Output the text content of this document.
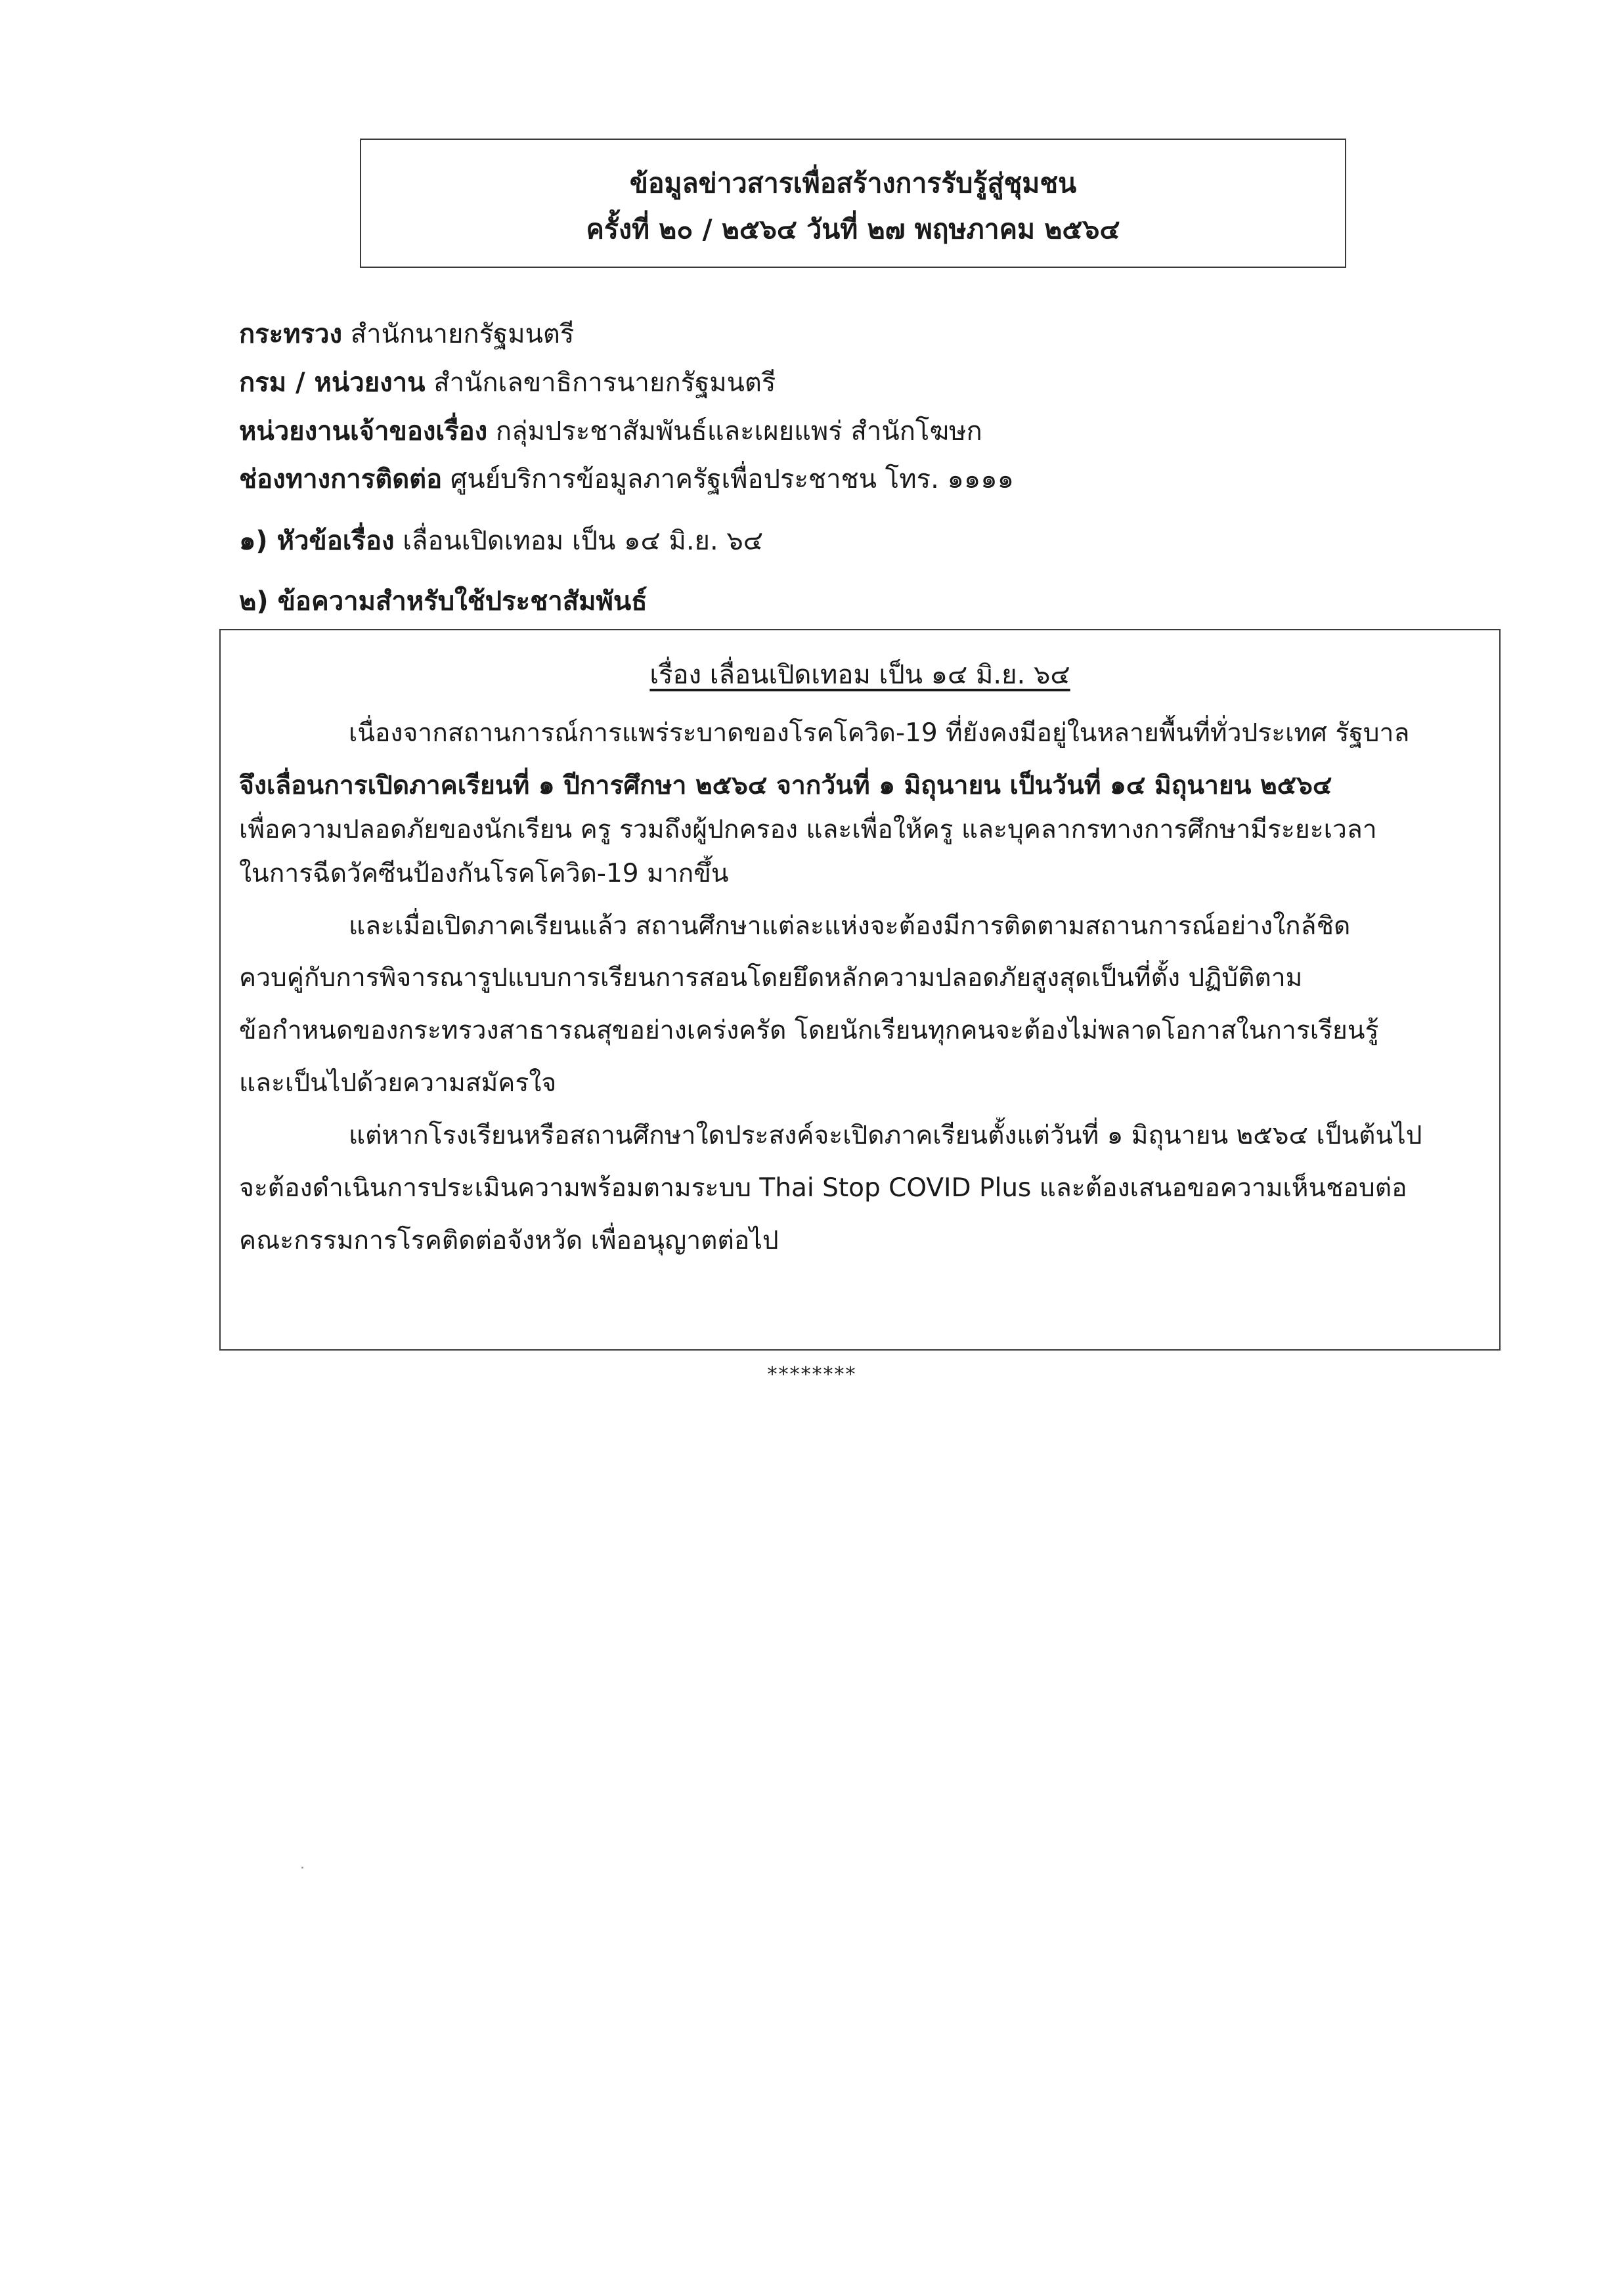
ข้อมูลข่าวสารเพื่อสร้างการรับรู้สู่ชุมชน
ครั้งที่ ๒๐ / ๒๕๖๔ วันที่ ๒๗ พฤษภาคม ๒๕๖๔
กระทรวง สำนักนายกรัฐมนตรี
กรม / หน่วยงาน สำนักเลขาธิการนายกรัฐมนตรี
หน่วยงานเจ้าของเรื่อง กลุ่มประชาสัมพันธ์และเผยแพร่ สำนักโฆษก
ช่องทางการติดต่อ ศูนย์บริการข้อมูลภาครัฐเพื่อประชาชน โทร. ๑๑๑๑
๑) หัวข้อเรื่อง เลื่อนเปิดเทอม เป็น ๑๔ มิ.ย. ๖๔
๒) ข้อความสำหรับใช้ประชาสัมพันธ์
เรื่อง เลื่อนเปิดเทอม เป็น ๑๔ มิ.ย. ๖๔
เนื่องจากสถานการณ์การแพร่ระบาดของโรคโควิด-19 ที่ยังคงมีอยู่ในหลายพื้นที่ทั่วประเทศ รัฐบาล
จึงเลื่อนการเปิดภาคเรียนที่ ๑ ปีการศึกษา ๒๕๖๔ จากวันที่ ๑ มิถุนายน เป็นวันที่ ๑๔ มิถุนายน ๒๕๖๔
เพื่อความปลอดภัยของนักเรียน ครู รวมถึงผู้ปกครอง และเพื่อให้ครู และบุคลากรทางการศึกษามีระยะเวลา
ในการฉีดวัคซีนป้องกันโรคโควิด-19 มากขึ้น
และเมื่อเปิดภาคเรียนแล้ว สถานศึกษาแต่ละแห่งจะต้องมีการติดตามสถานการณ์อย่างใกล้ชิด
ควบคู่กับการพิจารณารูปแบบการเรียนการสอนโดยยึดหลักความปลอดภัยสูงสุดเป็นที่ตั้ง ปฏิบัติตาม
ข้อกำหนดของกระทรวงสาธารณสุขอย่างเคร่งครัด โดยนักเรียนทุกคนจะต้องไม่พลาดโอกาสในการเรียนรู้
และเป็นไปด้วยความสมัครใจ
แต่หากโรงเรียนหรือสถานศึกษาใดประสงค์จะเปิดภาคเรียนตั้งแต่วันที่ ๑ มิถุนายน ๒๕๖๔ เป็นต้นไป
จะต้องดำเนินการประเมินความพร้อมตามระบบ Thai Stop COVID Plus และต้องเสนอขอความเห็นชอบต่อ
คณะกรรมการโรคติดต่อจังหวัด เพื่ออนุญาตต่อไป
********
